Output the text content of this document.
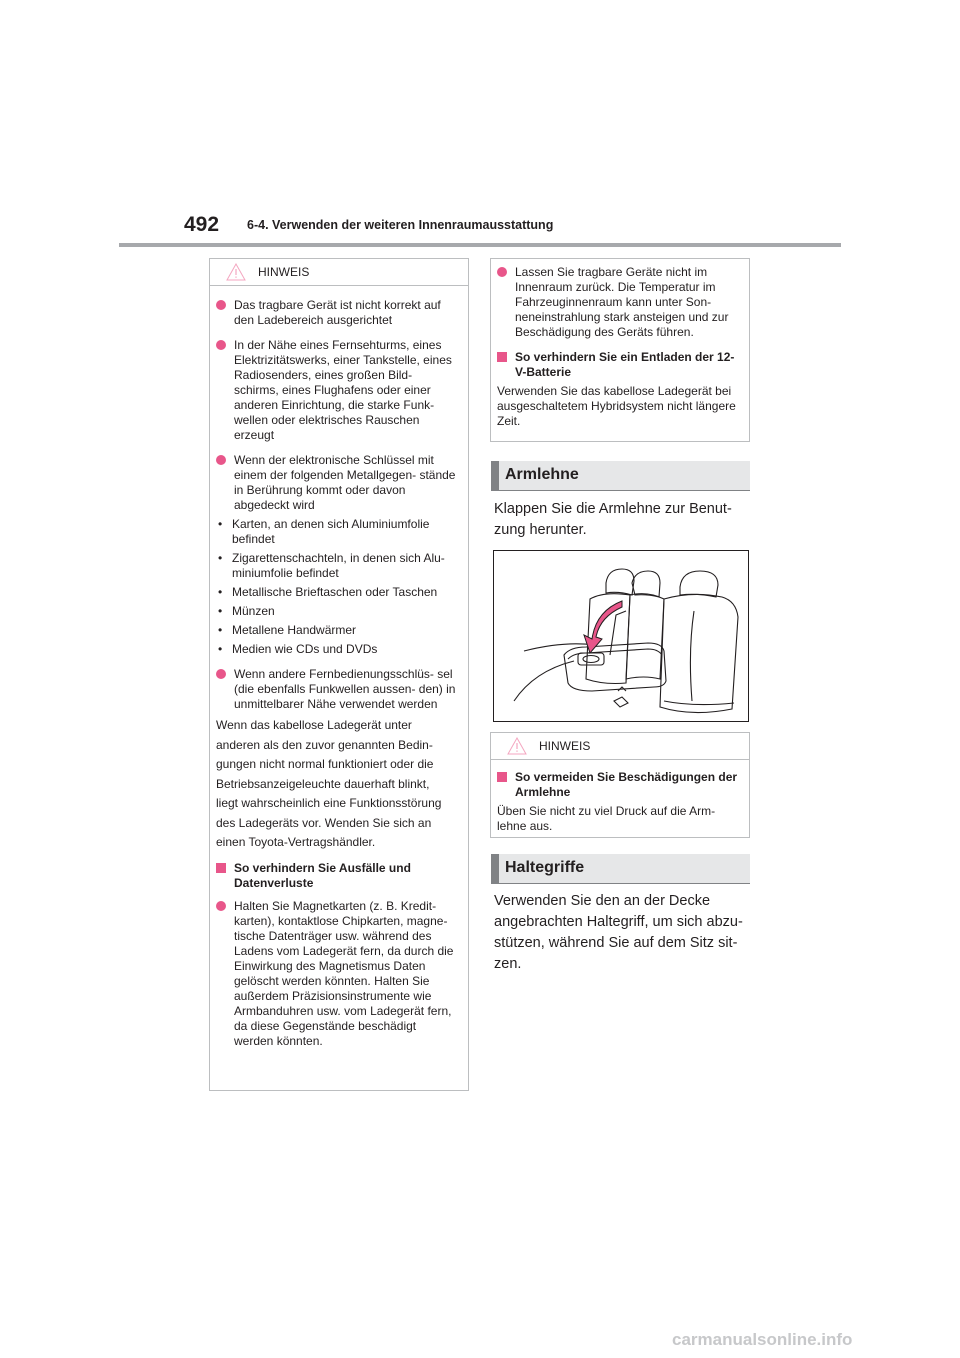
492 6-4. Verwenden der weiteren Innenraumausstattung
HINWEIS
Das tragbare Gerät ist nicht korrekt auf den Ladebereich ausgerichtet
In der Nähe eines Fernsehturms, eines Elektrizitätswerks, einer Tankstelle, eines Radiosenders, eines großen Bild- schirms, eines Flughafens oder einer anderen Einrichtung, die starke Funk- wellen oder elektrisches Rauschen erzeugt
Wenn der elektronische Schlüssel mit einem der folgenden Metallgegen- stände in Berührung kommt oder davon abgedeckt wird
• Karten, an denen sich Aluminiumfolie befindet
• Zigarettenschachteln, in denen sich Alu- miniumfolie befindet
• Metallische Brieftaschen oder Taschen
• Münzen
• Metallene Handwärmer
• Medien wie CDs und DVDs
Wenn andere Fernbedienungsschlüs- sel (die ebenfalls Funkwellen aussen- den) in unmittelbarer Nähe verwendet werden

Wenn das kabellose Ladegerät unter

anderen als den zuvor genannten Bedin-

gungen nicht normal funktioniert oder die

Betriebsanzeigeleuchte dauerhaft blinkt,

liegt wahrscheinlich eine Funktionsstörung

des Ladegeräts vor. Wenden Sie sich an

einen Toyota-Vertragshändler.

So verhindern Sie Ausfälle und Datenverluste
Halten Sie Magnetkarten (z. B. Kredit- karten), kontaktlose Chipkarten, magne- tische Datenträger usw. während des Ladens vom Ladegerät fern, da durch die Einwirkung des Magnetismus Daten gelöscht werden könnten. Halten Sie außerdem Präzisionsinstrumente wie Armbanduhren usw. vom Ladegerät fern, da diese Gegenstände beschädigt werden könnten.
Lassen Sie tragbare Geräte nicht im Innenraum zurück. Die Temperatur im Fahrzeuginnenraum kann unter Son- neneinstrahlung stark ansteigen und zur Beschädigung des Geräts führen.
So verhindern Sie ein Entladen der 12-V-Batterie
Verwenden Sie das kabellose Ladegerät bei ausgeschaltetem Hybridsystem nicht längere Zeit.
Armlehne
Klappen Sie die Armlehne zur Benut-
zung herunter.
HINWEIS
So vermeiden Sie Beschädigungen der Armlehne
Üben Sie nicht zu viel Druck auf die Arm- lehne aus.
Haltegriffe
Verwenden Sie den an der Decke
angebrachten Haltegriff, um sich abzu-
stützen, während Sie auf dem Sitz sit-
zen.
carmanualsonline.info
